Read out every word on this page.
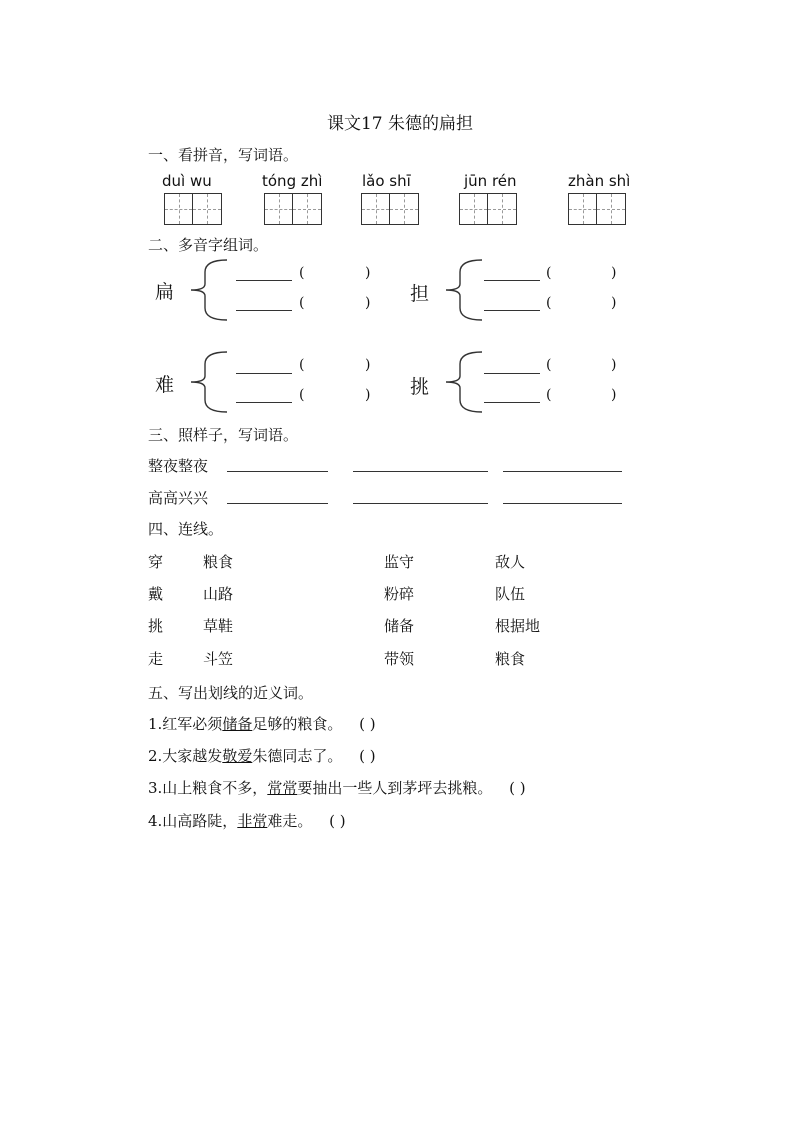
课文17 朱德的扁担
一、看拼音，写词语。
duì wu	tóng zhì	lǎo shī	jūn rén	zhàn shì
二、多音字组词。
扁
(	)
(	) 担
(	)
(	)
难
(	)
(	) 挑
(	)
(	)
三、照样子，写词语。
整夜整夜
高高兴兴
四、连线。
穿	粮食	监守	敌人
戴	山路	粉碎	队伍
挑	草鞋	储备	根据地
走	斗笠	带领	粮食
五、写出划线的近义词。
1.红军必须储备足够的粮食。 ( )
2.大家越发敬爱朱德同志了。 ( )
3.山上粮食不多，常常要抽出一些人到茅坪去挑粮。 ( )
4.山高路陡，非常难走。 ( )
